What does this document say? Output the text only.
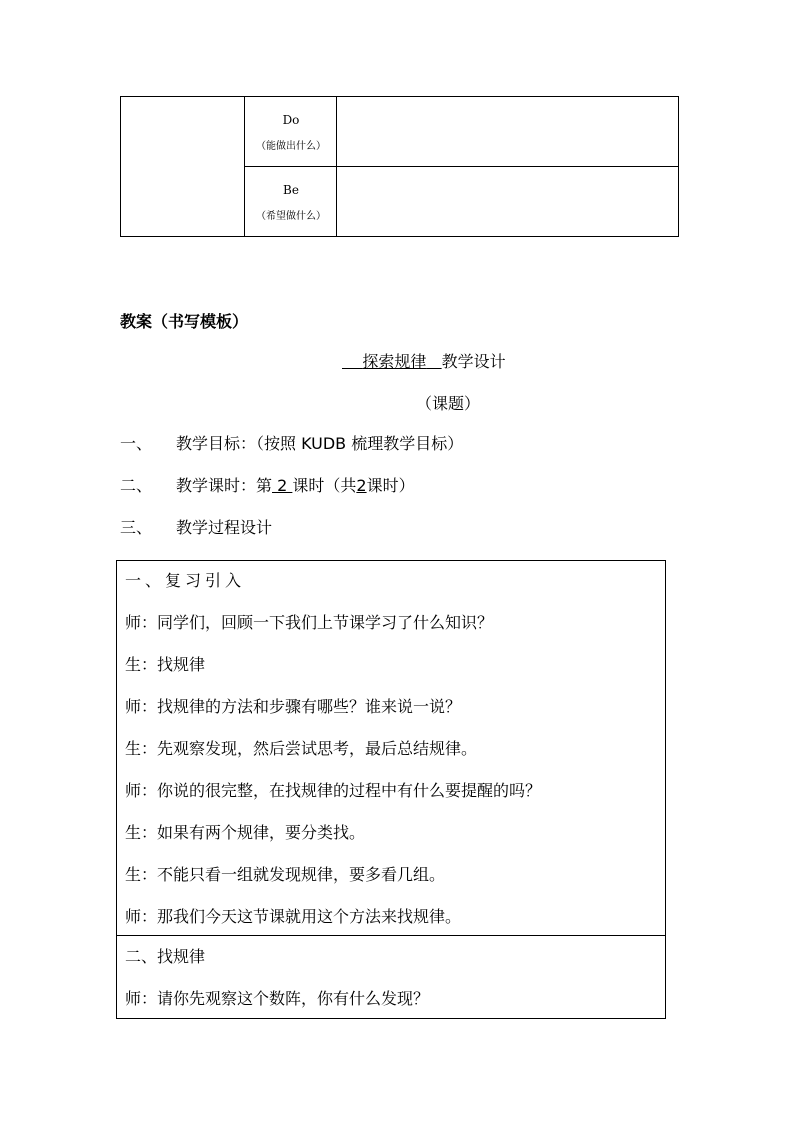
Do
（能做出什么）
Be
（希望做什么）
教案（书写模板）
探索规律 教学设计
（课题）
一、 教学目标：（按照 KUDB 梳理教学目标）
二、 教学课时：第 2 课时（共2课时）
三、 教学过程设计
一、复习引入
师：同学们，回顾一下我们上节课学习了什么知识？
生：找规律
师：找规律的方法和步骤有哪些？谁来说一说？
生：先观察发现，然后尝试思考，最后总结规律。
师：你说的很完整，在找规律的过程中有什么要提醒的吗？
生：如果有两个规律，要分类找。
生：不能只看一组就发现规律，要多看几组。
师：那我们今天这节课就用这个方法来找规律。
二、找规律
师：请你先观察这个数阵，你有什么发现？
